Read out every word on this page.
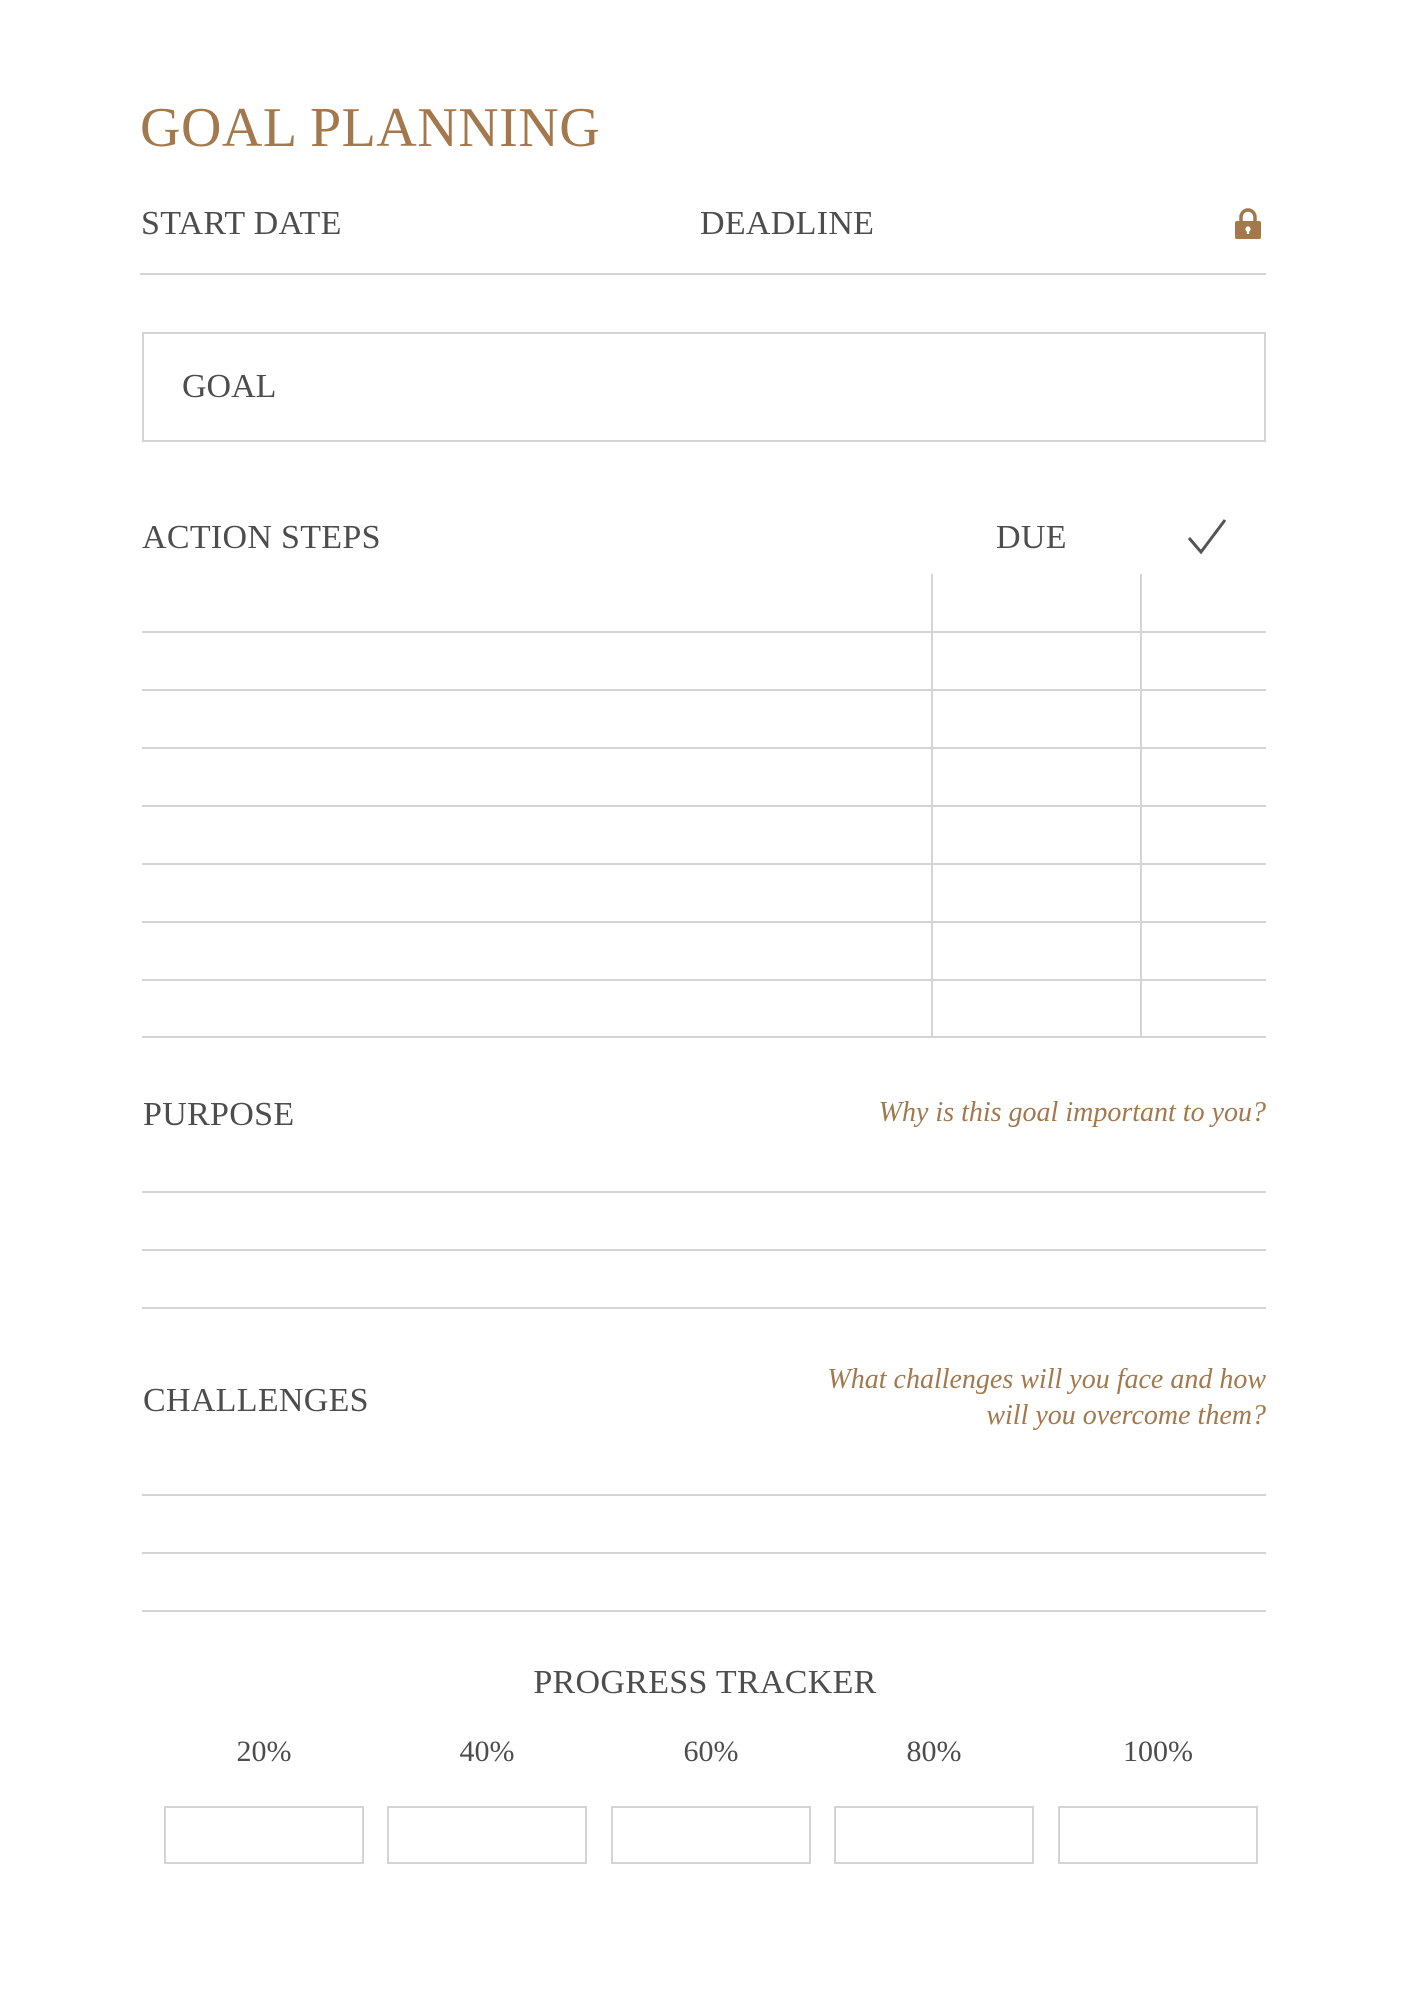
GOAL PLANNING
START DATE	DEADLINE
GOAL
ACTION STEPS	DUE
PURPOSE	Why is this goal important to you?
CHALLENGES
What challenges will you face and how
will you overcome them?
PROGRESS TRACKER
20%	40%	60%	80%	100%
